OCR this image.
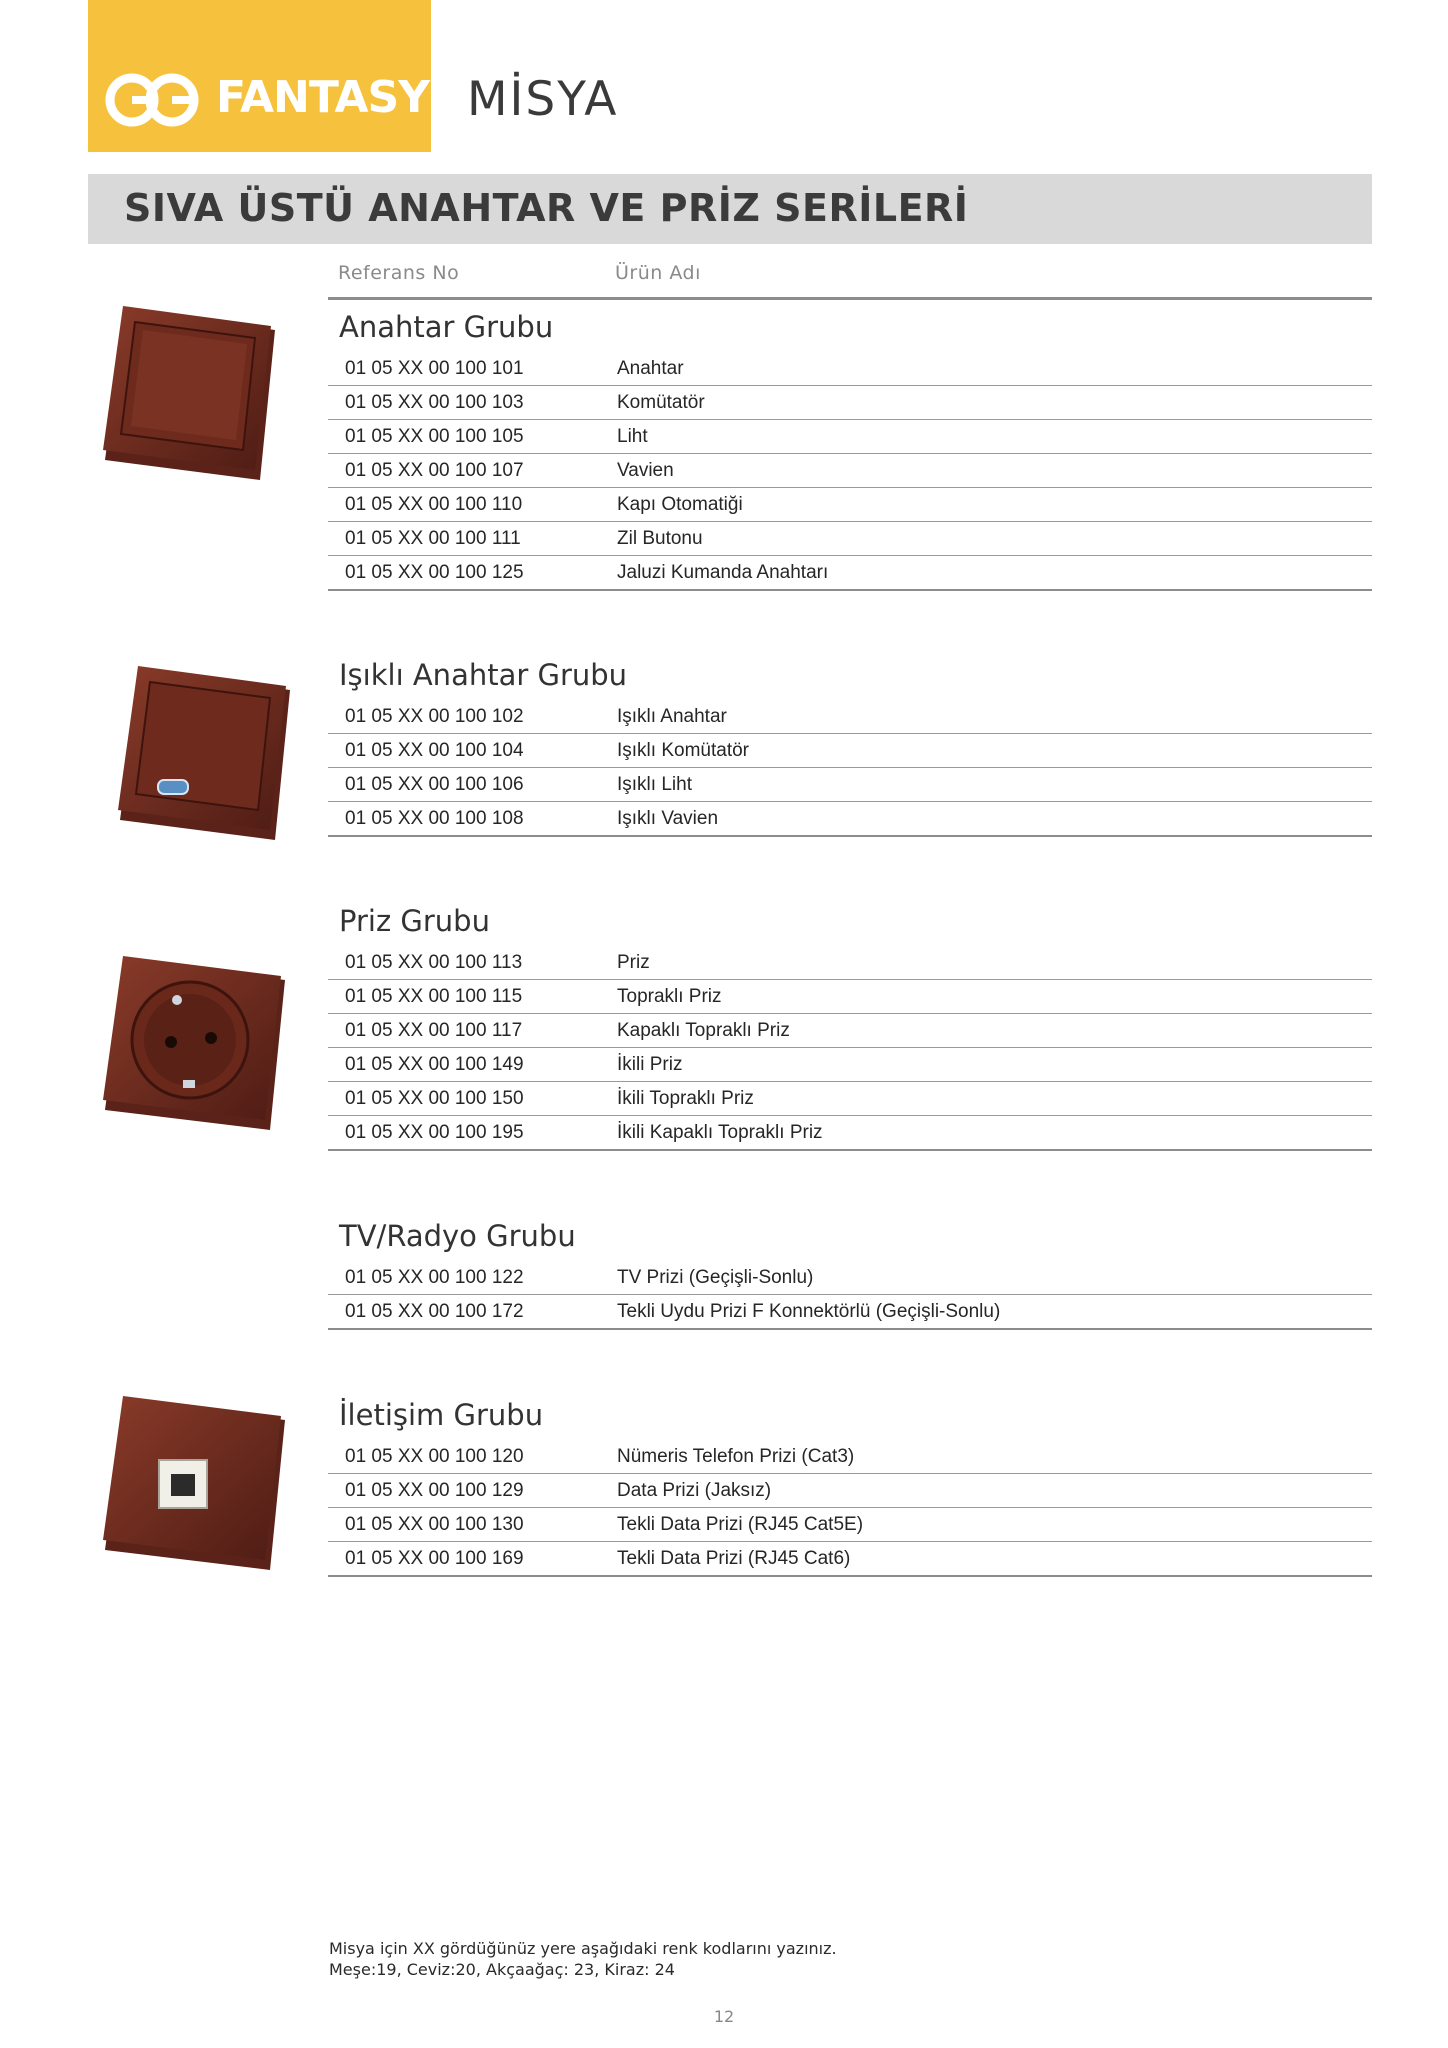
FANTASY MİSYA
SIVA ÜSTÜ ANAHTAR VE PRİZ SERİLERİ
Referans No	Ürün Adı
Anahtar Grubu
01 05 XX 00 100 101	Anahtar
01 05 XX 00 100 103	Komütatör
01 05 XX 00 100 105	Liht
01 05 XX 00 100 107	Vavien
01 05 XX 00 100 110	Kapı Otomatiği
01 05 XX 00 100 111	Zil Butonu
01 05 XX 00 100 125	Jaluzi Kumanda Anahtarı
Işıklı Anahtar Grubu
01 05 XX 00 100 102	Işıklı Anahtar
01 05 XX 00 100 104	Işıklı Komütatör
01 05 XX 00 100 106	Işıklı Liht
01 05 XX 00 100 108	Işıklı Vavien
Priz Grubu
01 05 XX 00 100 113	Priz
01 05 XX 00 100 115	Topraklı Priz
01 05 XX 00 100 117	Kapaklı Topraklı Priz
01 05 XX 00 100 149	İkili Priz
01 05 XX 00 100 150	İkili Topraklı Priz
01 05 XX 00 100 195	İkili Kapaklı Topraklı Priz
TV/Radyo Grubu
01 05 XX 00 100 122	TV Prizi (Geçişli-Sonlu)
01 05 XX 00 100 172	Tekli Uydu Prizi F Konnektörlü (Geçişli-Sonlu)
İletişim Grubu
01 05 XX 00 100 120	Nümeris Telefon Prizi (Cat3)
01 05 XX 00 100 129	Data Prizi (Jaksız)
01 05 XX 00 100 130	Tekli Data Prizi (RJ45 Cat5E)
01 05 XX 00 100 169	Tekli Data Prizi (RJ45 Cat6)
Misya için XX gördüğünüz yere aşağıdaki renk kodlarını yazınız.
Meşe:19, Ceviz:20, Akçaağaç: 23, Kiraz: 24
12
